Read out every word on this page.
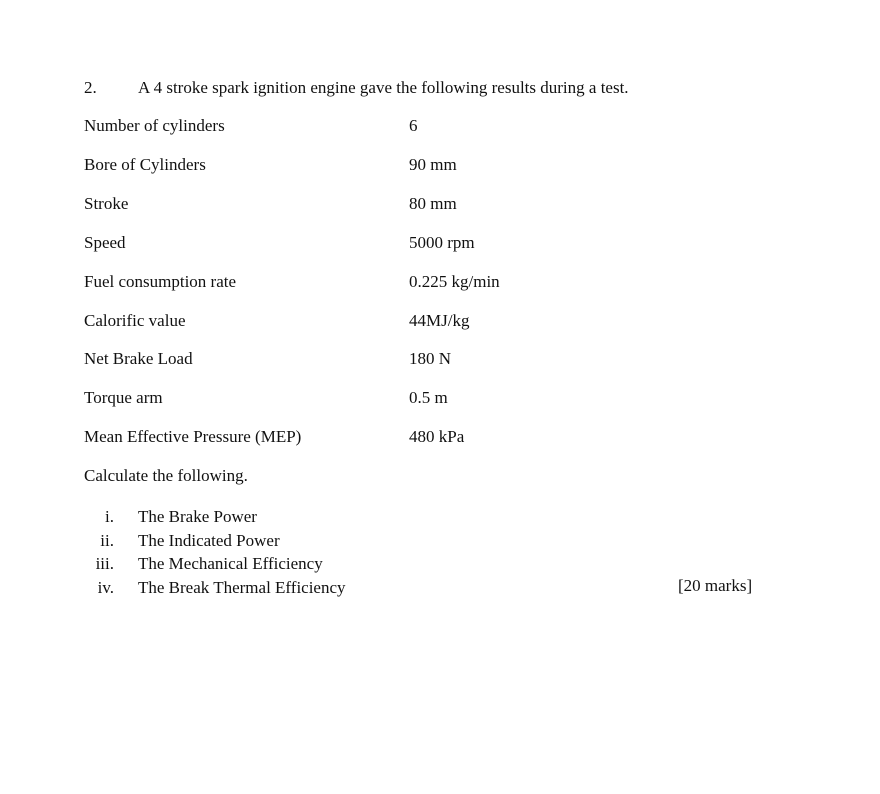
2. A 4 stroke spark ignition engine gave the following results during a test.
Number of cylinders	6
Bore of Cylinders	90 mm
Stroke	80 mm
Speed	5000 rpm
Fuel consumption rate	0.225 kg/min
Calorific value	44MJ/kg
Net Brake Load	180 N
Torque arm	0.5 m
Mean Effective Pressure (MEP)	480 kPa
Calculate the following.
i. The Brake Power
ii. The Indicated Power
iii. The Mechanical Efficiency
iv. The Break Thermal Efficiency	[20 marks]
